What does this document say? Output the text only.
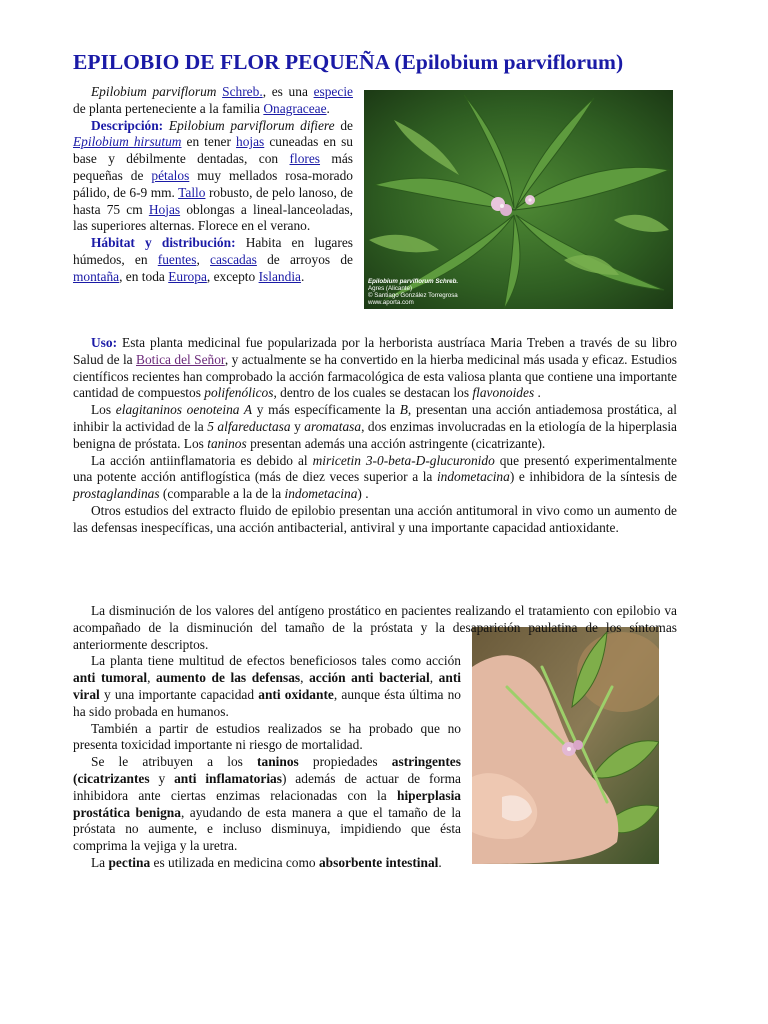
EPILOBIO DE FLOR PEQUEÑA (Epilobium parviflorum)
Epilobium parviflorum Schreb.
Agres (Alicante)
© Santiago González Torregrosa
www.aporta.com

Epilobium parviflorum Schreb., es una especie de planta perteneciente a la familia Onagraceae.

Descripción: Epilobium parviflorum difiere de Epilobium hirsutum en tener hojas cuneadas en su base y débilmente dentadas, con flores más pequeñas de pétalos muy mellados rosa-morado pálido, de 6-9 mm. Tallo robusto, de pelo lanoso, de hasta 75 cm Hojas oblongas a lineal-lanceoladas, las superiores alternas. Florece en el verano.

Hábitat y distribución: Habita en lugares húmedos, en fuentes, cascadas de arroyos de montaña, en toda Europa, excepto Islandia.

Uso: Esta planta medicinal fue popularizada por la herborista austríaca Maria Treben a través de su libro Salud de la Botica del Señor, y actualmente se ha convertido en la hierba medicinal más usada y eficaz. Estudios científicos recientes han comprobado la acción farmacológica de esta valiosa planta que contiene una importante cantidad de compuestos polifenólicos, dentro de los cuales se destacan los flavonoides .

Los elagitaninos oenoteina A y más específicamente la B, presentan una acción antiademosa prostática, al inhibir la actividad de la 5 alfareductasa y aromatasa, dos enzimas involucradas en la etiología de la hiperplasia benigna de próstata. Los taninos presentan además una acción astringente (cicatrizante).

La acción antiinflamatoria es debido al miricetin 3-0-beta-D-glucuronido que presentó experimentalmente una potente acción antiflogística (más de diez veces superior a la indometacina) e inhibidora de la síntesis de prostaglandinas (comparable a la de la indometacina) .

Otros estudios del extracto fluido de epilobio presentan una acción antitumoral in vivo como un aumento de las defensas inespecíficas, una acción antibacterial, antiviral y una importante capacidad antioxidante.

La disminución de los valores del antígeno prostático en pacientes realizando el tratamiento con epilobio va acompañado de la disminución del tamaño de la próstata y la desaparición paulatina de los síntomas anteriormente descriptos.

La planta tiene multitud de efectos beneficiosos tales como acción anti tumoral, aumento de las defensas, acción anti bacterial, anti viral y una importante capacidad anti oxidante, aunque ésta última no ha sido probada en humanos.

También a partir de estudios realizados se ha probado que no presenta toxicidad importante ni riesgo de mortalidad.

Se le atribuyen a los taninos propiedades astringentes (cicatrizantes y anti inflamatorias) además de actuar de forma inhibidora ante ciertas enzimas relacionadas con la hiperplasia prostática benigna, ayudando de esta manera a que el tamaño de la próstata no aumente, e incluso disminuya, impidiendo que ésta comprima la vejiga y la uretra.

La pectina es utilizada en medicina como absorbente intestinal.
